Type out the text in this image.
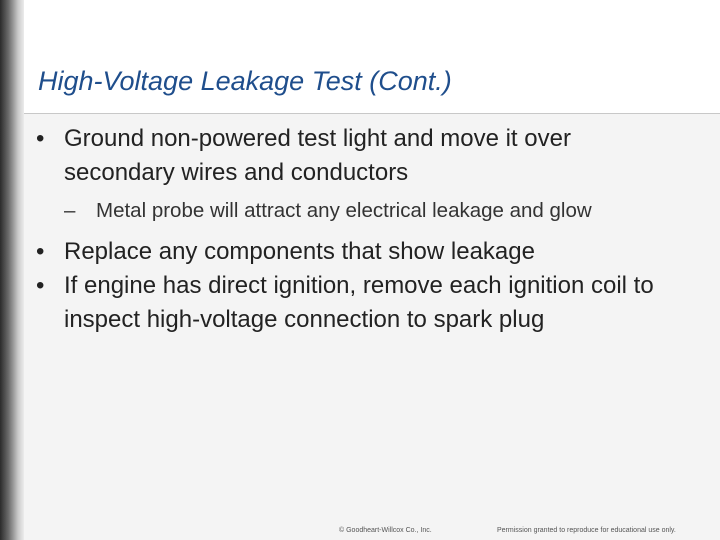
High-Voltage Leakage Test (Cont.)
• Ground non-powered test light and move it over secondary wires and conductors
– Metal probe will attract any electrical leakage and glow
• Replace any components that show leakage
• If engine has direct ignition, remove each ignition coil to inspect high-voltage connection to spark plug
© Goodheart-Willcox Co., Inc.	Permission granted to reproduce for educational use only.
